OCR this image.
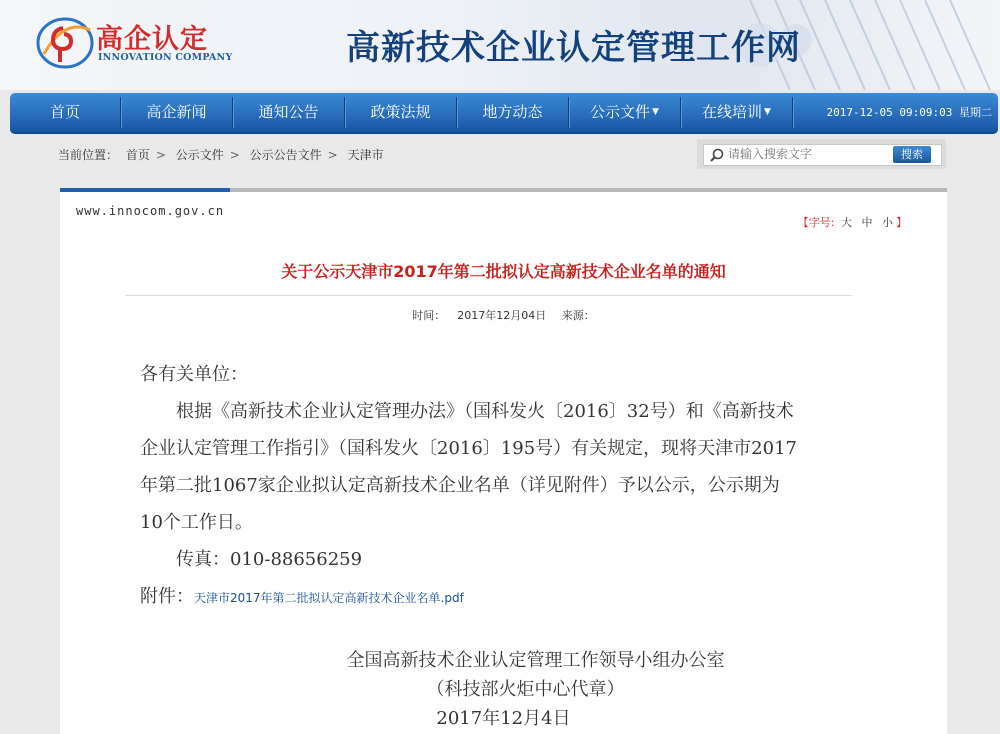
高企认定
INNOVATION COMPANY	高新技术企业认定管理工作网
首页	高企新闻	通知公告	政策法规	地方动态	公示文件 ▼	在线培训 ▼	2017-12-05 09:09:03 星期二
当前位置： 首页 > 公示文件 > 公示公告文件 > 天津市
请输入搜索文字	搜索
www.innocom.gov.cn
【字号: 大 中 小 】
关于公示天津市2017年第二批拟认定高新技术企业名单的通知
时间： 2017年12月04日 来源：

各有关单位：

根据《高新技术企业认定管理办法》（国科发火〔2016〕32号）和《高新技术企业认定管理工作指引》（国科发火〔2016〕195号）有关规定，现将天津市2017年第二批1067家企业拟认定高新技术企业名单（详见附件）予以公示，公示期为10个工作日。

传真：010-88656259

附件：天津市2017年第二批拟认定高新技术企业名单.pdf

全国高新技术企业认定管理工作领导小组办公室
（科技部火炬中心代章）
2017年12月4日
